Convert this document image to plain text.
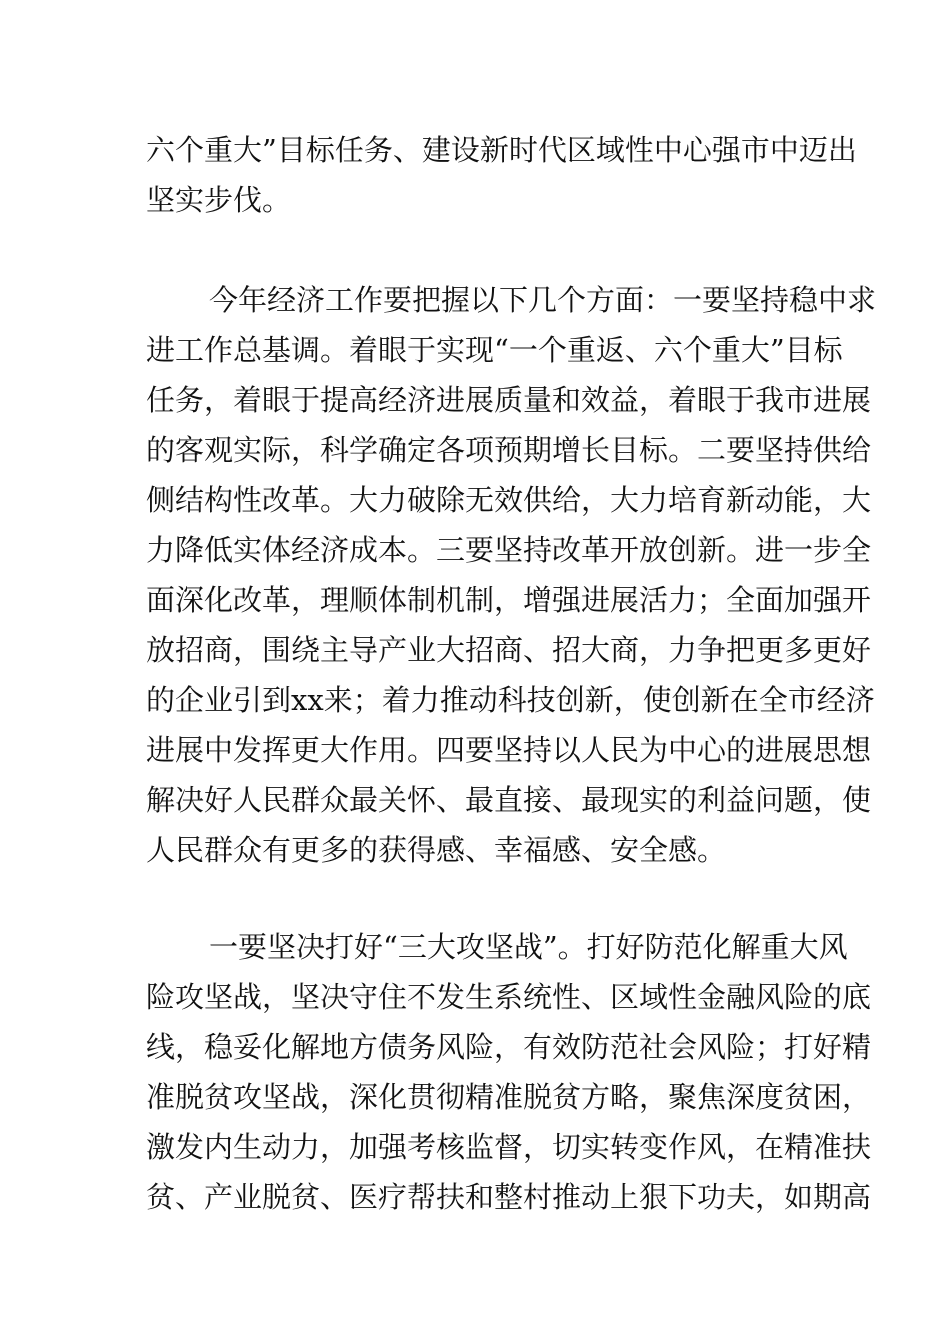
六个重大”目标任务、建设新时代区域性中心强市中迈出

坚实步伐。

今年经济工作要把握以下几个方面：一要坚持稳中求

进工作总基调。着眼于实现“一个重返、六个重大”目标

任务，着眼于提高经济进展质量和效益，着眼于我市进展

的客观实际，科学确定各项预期增长目标。二要坚持供给

侧结构性改革。大力破除无效供给，大力培育新动能，大

力降低实体经济成本。三要坚持改革开放创新。进一步全

面深化改革，理顺体制机制，增强进展活力；全面加强开

放招商，围绕主导产业大招商、招大商，力争把更多更好

的企业引到xx来；着力推动科技创新，使创新在全市经济

进展中发挥更大作用。四要坚持以人民为中心的进展思想

解决好人民群众最关怀、最直接、最现实的利益问题，使

人民群众有更多的获得感、幸福感、安全感。

一要坚决打好“三大攻坚战”。打好防范化解重大风

险攻坚战，坚决守住不发生系统性、区域性金融风险的底

线，稳妥化解地方债务风险，有效防范社会风险；打好精

准脱贫攻坚战，深化贯彻精准脱贫方略，聚焦深度贫困，

激发内生动力，加强考核监督，切实转变作风，在精准扶

贫、产业脱贫、医疗帮扶和整村推动上狠下功夫，如期高
